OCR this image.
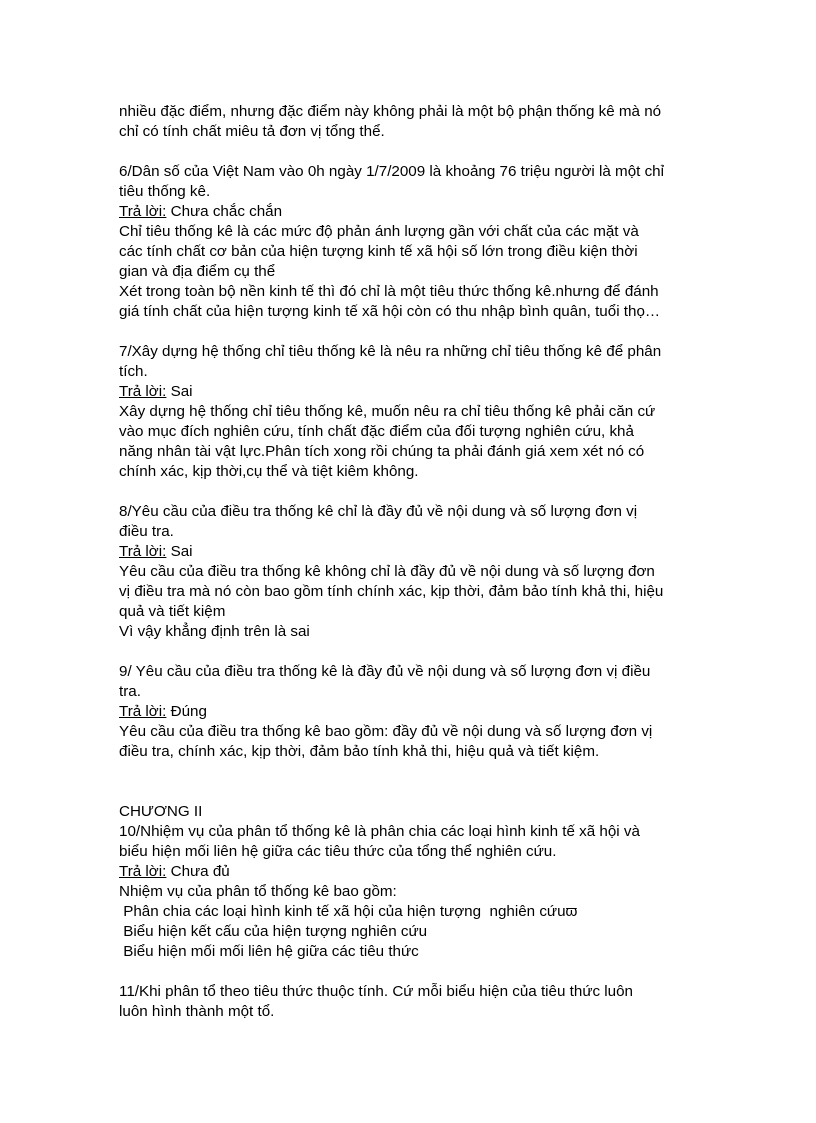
nhiều đặc điểm, nhưng đặc điểm này không phải là một bộ phận thống kê mà nó

chỉ có tính chất miêu tả đơn vị tổng thể.

6/Dân số của Việt Nam vào 0h ngày 1/7/2009 là khoảng 76 triệu người là một chỉ

tiêu thống kê.

Trả lời: Chưa chắc chắn

Chỉ tiêu thống kê là các mức độ phản ánh lượng gần với chất của các mặt và

các tính chất cơ bản của hiện tượng kinh tế xã hội số lớn trong điều kiện thời

gian và địa điểm cụ thể

Xét trong toàn bộ nền kinh tế thì đó chỉ là một tiêu thức thống kê.nhưng để đánh

giá tính chất của hiện tượng kinh tế xã hội còn có thu nhập bình quân, tuổi thọ…

7/Xây dựng hệ thống chỉ tiêu thống kê là nêu ra những chỉ tiêu thống kê để phân

tích.

Trả lời: Sai

Xây dựng hệ thống chỉ tiêu thống kê, muốn nêu ra chỉ tiêu thống kê phải căn cứ

vào mục đích nghiên cứu, tính chất đặc điểm của đối tượng nghiên cứu, khả

năng nhân tài vật lực.Phân tích xong rồi chúng ta phải đánh giá xem xét nó có

chính xác, kịp thời,cụ thể và tiệt kiêm không.

8/Yêu cầu của điều tra thống kê chỉ là đầy đủ về nội dung và số lượng đơn vị

điều tra.

Trả lời: Sai

Yêu cầu của điều tra thống kê không chỉ là đầy đủ về nội dung và số lượng đơn

vị điều tra mà nó còn bao gồm tính chính xác, kịp thời, đảm bảo tính khả thi, hiệu

quả và tiết kiệm

Vì vậy khẳng định trên là sai

9/ Yêu cầu của điều tra thống kê là đầy đủ về nội dung và số lượng đơn vị điều

tra.

Trả lời: Đúng

Yêu cầu của điều tra thống kê bao gồm: đầy đủ về nội dung và số lượng đơn vị

điều tra, chính xác, kịp thời, đảm bảo tính khả thi, hiệu quả và tiết kiệm.

CHƯƠNG II

10/Nhiệm vụ của phân tổ thống kê là phân chia các loại hình kinh tế xã hội và

biểu hiện mối liên hệ giữa các tiêu thức của tổng thể nghiên cứu.

Trả lời: Chưa đủ

Nhiệm vụ của phân tổ thống kê bao gồm:

Phân chia các loại hình kinh tế xã hội của hiện tượng  nghiên cứuϖ

Biểu hiện kết cấu của hiện tượng nghiên cứu

Biểu hiện mối mối liên hệ giữa các tiêu thức

11/Khi phân tổ theo tiêu thức thuộc tính. Cứ mỗi biểu hiện của tiêu thức luôn

luôn hình thành một tổ.
